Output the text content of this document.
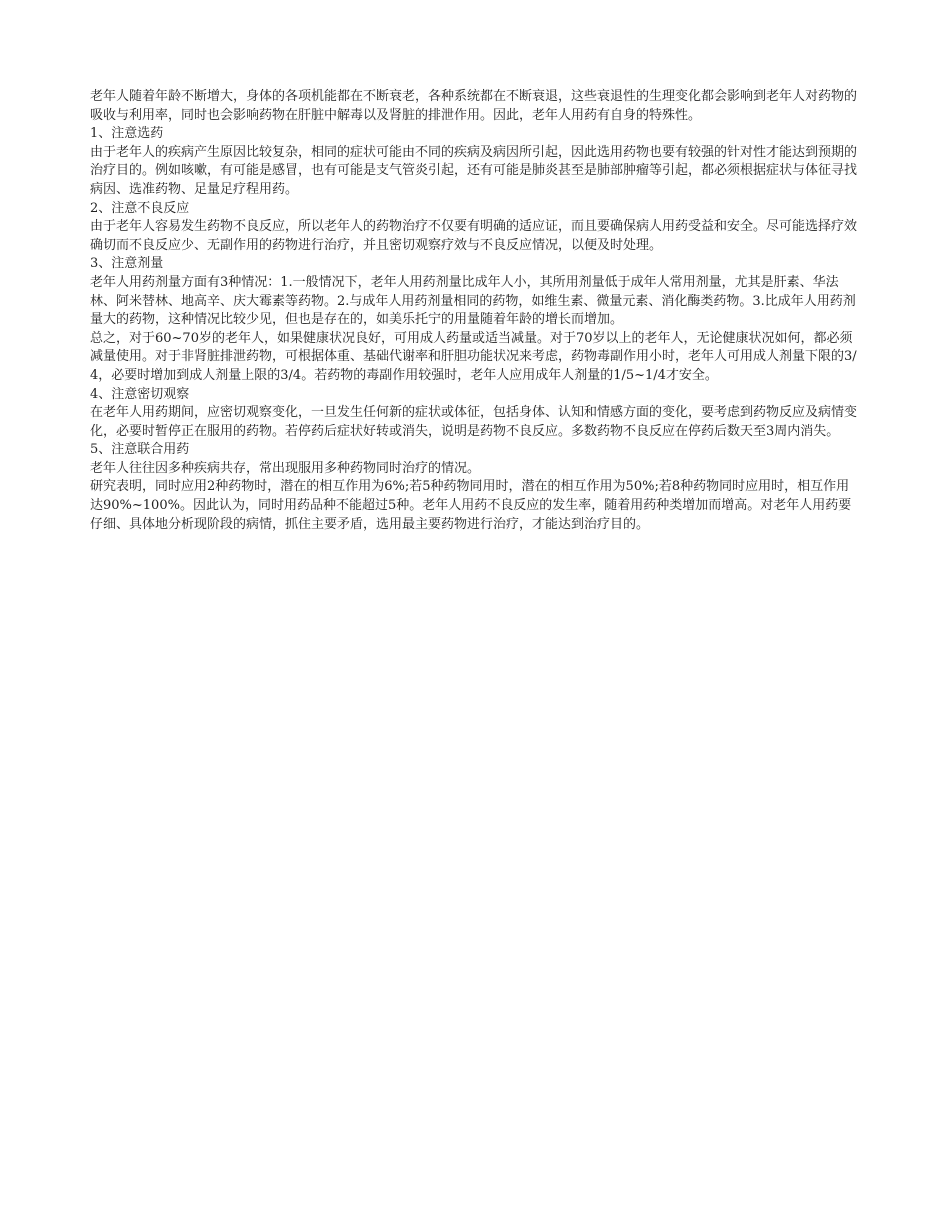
老年人随着年龄不断增大，身体的各项机能都在不断衰老，各种系统都在不断衰退，这些衰退性的生理变化都会影响到老年人对药物的吸收与利用率，同时也会影响药物在肝脏中解毒以及肾脏的排泄作用。因此，老年人用药有自身的特殊性。

1、注意选药

由于老年人的疾病产生原因比较复杂，相同的症状可能由不同的疾病及病因所引起，因此选用药物也要有较强的针对性才能达到预期的治疗目的。例如咳嗽，有可能是感冒，也有可能是支气管炎引起，还有可能是肺炎甚至是肺部肿瘤等引起，都必须根据症状与体征寻找病因、选准药物、足量足疗程用药。

2、注意不良反应

由于老年人容易发生药物不良反应，所以老年人的药物治疗不仅要有明确的适应证，而且要确保病人用药受益和安全。尽可能选择疗效确切而不良反应少、无副作用的药物进行治疗，并且密切观察疗效与不良反应情况，以便及时处理。

3、注意剂量

老年人用药剂量方面有3种情况：1.一般情况下，老年人用药剂量比成年人小，其所用剂量低于成年人常用剂量，尤其是肝素、华法林、阿米替林、地高辛、庆大霉素等药物。2.与成年人用药剂量相同的药物，如维生素、微量元素、消化酶类药物。3.比成年人用药剂量大的药物，这种情况比较少见，但也是存在的，如美乐托宁的用量随着年龄的增长而增加。

总之，对于60~70岁的老年人，如果健康状况良好，可用成人药量或适当减量。对于70岁以上的老年人，无论健康状况如何，都必须减量使用。对于非肾脏排泄药物，可根据体重、基础代谢率和肝胆功能状况来考虑，药物毒副作用小时，老年人可用成人剂量下限的3/4，必要时增加到成人剂量上限的3/4。若药物的毒副作用较强时，老年人应用成年人剂量的1/5~1/4才安全。

4、注意密切观察

在老年人用药期间，应密切观察变化，一旦发生任何新的症状或体征，包括身体、认知和情感方面的变化，要考虑到药物反应及病情变化，必要时暂停正在服用的药物。若停药后症状好转或消失，说明是药物不良反应。多数药物不良反应在停药后数天至3周内消失。

5、注意联合用药

老年人往往因多种疾病共存，常出现服用多种药物同时治疗的情况。

研究表明，同时应用2种药物时，潜在的相互作用为6%;若5种药物同用时，潜在的相互作用为50%;若8种药物同时应用时，相互作用达90%~100%。因此认为，同时用药品种不能超过5种。老年人用药不良反应的发生率，随着用药种类增加而增高。对老年人用药要仔细、具体地分析现阶段的病情，抓住主要矛盾，选用最主要药物进行治疗，才能达到治疗目的。
